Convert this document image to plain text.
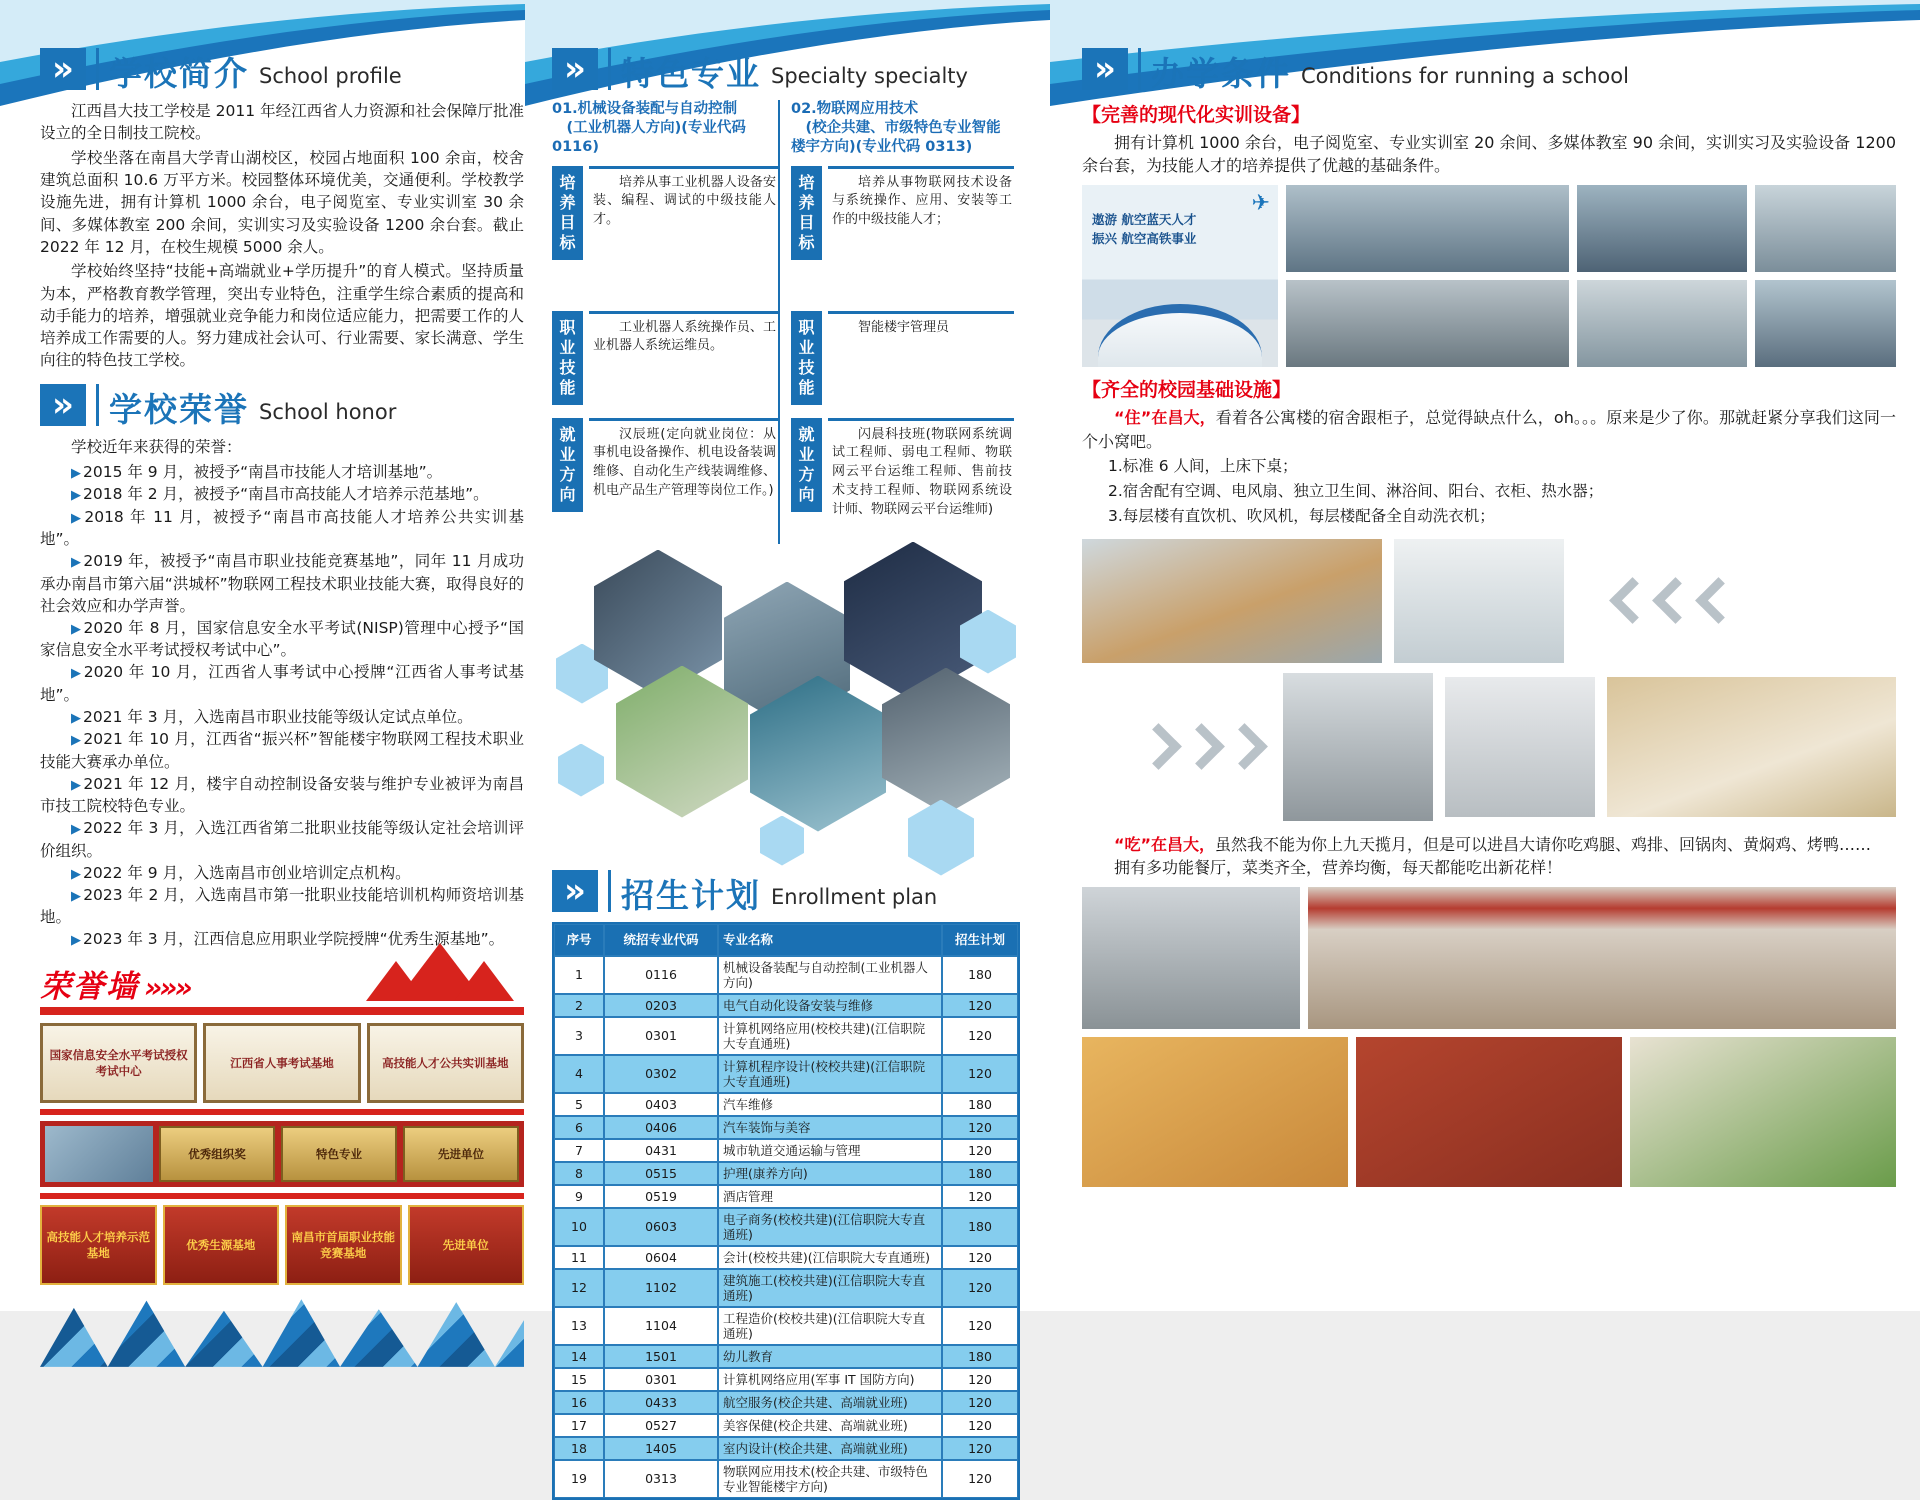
»	学校简介 School profile

江西昌大技工学校是 2011 年经江西省人力资源和社会保障厅批准设立的全日制技工院校。

学校坐落在南昌大学青山湖校区，校园占地面积 100 余亩，校舍建筑总面积 10.6 万平方米。校园整体环境优美，交通便利。学校教学设施先进，拥有计算机 1000 余台，电子阅览室、专业实训室 30 余间、多媒体教室 200 余间，实训实习及实验设备 1200 余台套。截止 2022 年 12 月，在校生规模 5000 余人。

学校始终坚持“技能+高端就业+学历提升”的育人模式。坚持质量为本，严格教育教学管理，突出专业特色，注重学生综合素质的提高和动手能力的培养，增强就业竞争能力和岗位适应能力，把需要工作的人培养成工作需要的人。努力建成社会认可、行业需要、家长满意、学生向往的特色技工学校。

»	学校荣誉 School honor

学校近年来获得的荣誉：

▶ 2015 年 9 月，被授予“南昌市技能人才培训基地”。

▶ 2018 年 2 月，被授予“南昌市高技能人才培养示范基地”。

▶ 2018 年 11 月，被授予“南昌市高技能人才培养公共实训基地”。

▶ 2019 年，被授予“南昌市职业技能竞赛基地”，同年 11 月成功承办南昌市第六届“洪城杯”物联网工程技术职业技能大赛，取得良好的社会效应和办学声誉。

▶ 2020 年 8 月，国家信息安全水平考试(NISP)管理中心授予“国家信息安全水平考试授权考试中心”。

▶ 2020 年 10 月，江西省人事考试中心授牌“江西省人事考试基地”。

▶ 2021 年 3 月，入选南昌市职业技能等级认定试点单位。

▶ 2021 年 10 月，江西省“振兴杯”智能楼宇物联网工程技术职业技能大赛承办单位。

▶ 2021 年 12 月，楼宇自动控制设备安装与维护专业被评为南昌市技工院校特色专业。

▶ 2022 年 3 月，入选江西省第二批职业技能等级认定社会培训评价组织。

▶ 2022 年 9 月，入选南昌市创业培训定点机构。

▶ 2023 年 2 月，入选南昌市第一批职业技能培训机构师资培训基地。

▶ 2023 年 3 月，江西信息应用职业学院授牌“优秀生源基地”。

荣誉墙 »»»
国家信息安全水平考试授权考试中心
江西省人事考试基地	高技能人才公共实训基地
优秀组织奖	特色专业	先进单位
高技能人才培养示范基地
优秀生源基地
南昌市首届职业技能竞赛基地
先进单位
»	特色专业 Specialty specialty
01.机械设备装配与自动控制
(工业机器人方向)(专业代码 0116)
培养目标
培养从事工业机器人设备安装、编程、调试的中级技能人才。
职业技能
工业机器人系统操作员、工业机器人系统运维员。
就业方向
汉辰班(定向就业岗位：从事机电设备操作、机电设备装调维修、自动化生产线装调维修、机电产品生产管理等岗位工作。)
02.物联网应用技术
(校企共建、市级特色专业智能楼宇方向)(专业代码 0313)
培养目标
培养从事物联网技术设备与系统操作、应用、安装等工作的中级技能人才；
职业技能
智能楼宇管理员
就业方向
闪晨科技班(物联网系统调试工程师、弱电工程师、物联网云平台运维工程师、售前技术支持工程师、物联网系统设计师、物联网云平台运维师)
»	招生计划 Enrollment plan
序号	统招专业代码	专业名称	招生计划
1	0116	机械设备装配与自动控制(工业机器人方向)	180
2	0203	电气自动化设备安装与维修	120
3	0301	计算机网络应用(校校共建)(江信职院大专直通班)	120
4	0302	计算机程序设计(校校共建)(江信职院大专直通班)	120
5	0403	汽车维修	180
6	0406	汽车装饰与美容	120
7	0431	城市轨道交通运输与管理	120
8	0515	护理(康养方向)	180
9	0519	酒店管理	120
10	0603	电子商务(校校共建)(江信职院大专直通班)	180
11	0604	会计(校校共建)(江信职院大专直通班)	120
12	1102	建筑施工(校校共建)(江信职院大专直通班)	120
13	1104	工程造价(校校共建)(江信职院大专直通班)	120
14	1501	幼儿教育	180
15	0301	计算机网络应用(军事 IT 国防方向)	120
16	0433	航空服务(校企共建、高端就业班)	120
17	0527	美容保健(校企共建、高端就业班)	120
18	1405	室内设计(校企共建、高端就业班)	120
19	0313	物联网应用技术(校企共建、市级特色专业智能楼宇方向)	120
»	办学条件 Conditions for running a school
【完善的现代化实训设备】

拥有计算机 1000 余台，电子阅览室、专业实训室 20 余间、多媒体教室 90 余间，实训实习及实验设备 1200 余台套，为技能人才的培养提供了优越的基础条件。

✈
遨游 航空蓝天人才
振兴 航空高铁事业
【齐全的校园基础设施】

“住”在昌大，看着各公寓楼的宿舍跟柜子，总觉得缺点什么，oh。。。原来是少了你。那就赶紧分享我们这同一个小窝吧。

1.标准 6 人间，上床下桌；
2.宿舍配有空调、电风扇、独立卫生间、淋浴间、阳台、衣柜、热水器；
3.每层楼有直饮机、吹风机，每层楼配备全自动洗衣机；

“吃”在昌大，虽然我不能为你上九天揽月，但是可以进昌大请你吃鸡腿、鸡排、回锅肉、黄焖鸡、烤鸭……

拥有多功能餐厅，菜类齐全，营养均衡，每天都能吃出新花样！
